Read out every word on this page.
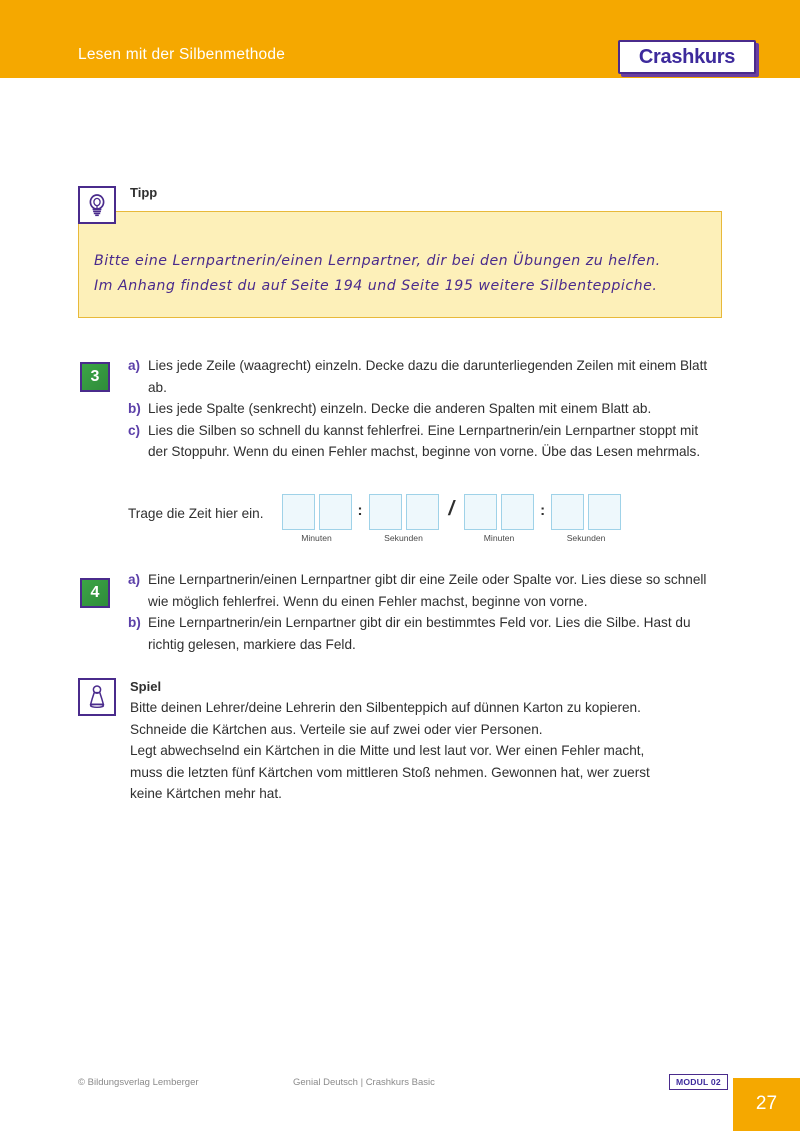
Lesen mit der Silbenmethode	Crashkurs
Tipp
Bitte eine Lernpartnerin/einen Lernpartner, dir bei den Übungen zu helfen.
Im Anhang findest du auf Seite 194 und Seite 195 weitere Silbenteppiche.
3
a) Lies jede Zeile (waagrecht) einzeln. Decke dazu die darunterliegenden Zeilen mit einem Blatt ab.
b) Lies jede Spalte (senkrecht) einzeln. Decke die anderen Spalten mit einem Blatt ab.
c) Lies die Silben so schnell du kannst fehlerfrei. Eine Lernpartnerin/ein Lernpartner stoppt mit der Stoppuhr. Wenn du einen Fehler machst, beginne von vorne. Übe das Lesen mehrmals.
Trage die Zeit hier ein.
Minuten
:
Sekunden
/
Minuten
:
Sekunden
4
a) Eine Lernpartnerin/einen Lernpartner gibt dir eine Zeile oder Spalte vor. Lies diese so schnell wie möglich fehlerfrei. Wenn du einen Fehler machst, beginne von vorne.
b) Eine Lernpartnerin/ein Lernpartner gibt dir ein bestimmtes Feld vor. Lies die Silbe. Hast du richtig gelesen, markiere das Feld.
Spiel
Bitte deinen Lehrer/deine Lehrerin den Silbenteppich auf dünnen Karton zu kopieren.
Schneide die Kärtchen aus. Verteile sie auf zwei oder vier Personen.
Legt abwechselnd ein Kärtchen in die Mitte und lest laut vor. Wer einen Fehler macht,
muss die letzten fünf Kärtchen vom mittleren Stoß nehmen. Gewonnen hat, wer zuerst
keine Kärtchen mehr hat.
© Bildungsverlag Lemberger	Genial Deutsch | Crashkurs Basic	MODUL 02
27
